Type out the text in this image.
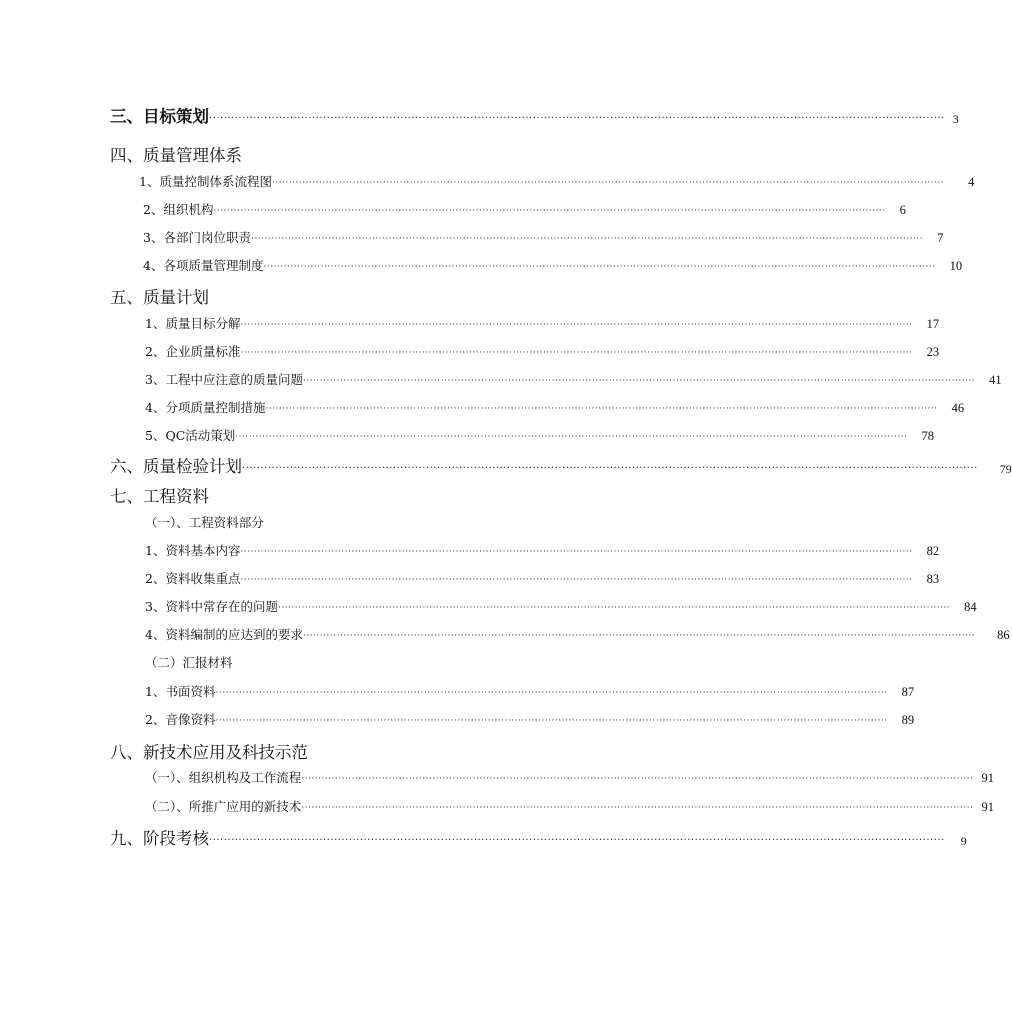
三、目标策划 ········································································································································································································ 3
四、质量管理体系
1、 质量控制体系流程图 ········································································································································································································ 4
2、 组织机构 ········································································································································································································ 6
3、 各部门岗位职责 ········································································································································································································ 7
4、 各项质量管理制度 ········································································································································································································ 10
五、质量计划
1、 质量目标分解 ········································································································································································································ 17
2、 企业质量标准 ········································································································································································································ 23
3、 工程中应注意的质量问题 ········································································································································································································ 41
4、 分项质量控制措施 ········································································································································································································ 46
5、 QC活动策划 ········································································································································································································ 78
六、质量检验计划 ········································································································································································································ 79
七、工程资料
（一）、工程资料部分
1、 资料基本内容 ········································································································································································································ 82
2、 资料收集重点 ········································································································································································································ 83
3、 资料中常存在的问题 ········································································································································································································ 84
4、 资料编制的应达到的要求 ········································································································································································································ 86
（二）汇报材料
1、 书面资料 ········································································································································································································ 87
2、 音像资料 ········································································································································································································ 89
八、新技术应用及科技示范
（一）、组织机构及工作流程 ········································································································································································································ 91
（二）、所推广应用的新技术 ········································································································································································································ 91
九、阶段考核 ········································································································································································································ 9
